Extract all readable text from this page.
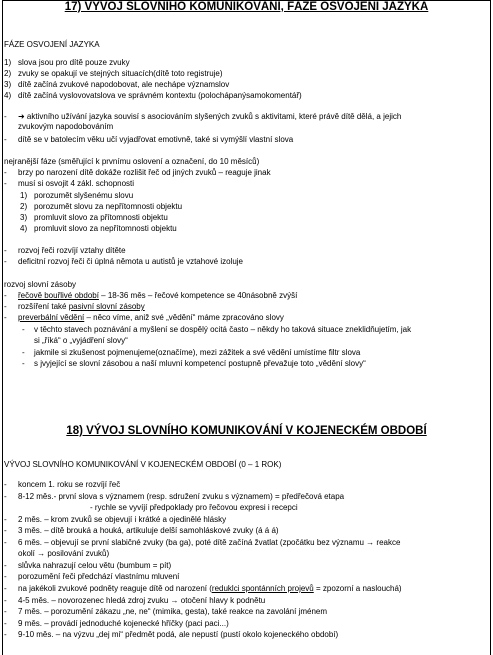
17) VÝVOJ SLOVNÍHO KOMUNIKOVÁNÍ, FÁZE OSVOJENÍ JAZYKA
FÁZE OSVOJENÍ JAZYKA
1) slova jsou pro dítě pouze zvuky
2) zvuky se opakují ve stejných situacích(dítě toto registruje)
3) dítě začíná zvukové napodobovat, ale nechápe významslov
4) dítě začíná vyslovovatslova ve správném kontextu (polochápanýsamokomentář)
- ➜ aktivního užívání jazyka souvisí s asociováním slyšených zvuků s aktivitami, které právě dítě dělá, a jejich
zvukovým napodobováním
- dítě se v batolecím věku učí vyjadřovat emotivně, také si vymýšlí vlastní slova
nejranější fáze (směřující k prvnímu oslovení a označení, do 10 měsíců)
- brzy po narození dítě dokáže rozlišit řeč od jiných zvuků – reaguje jinak
- musí si osvojit 4 zákl. schopnosti
1) porozumět slyšenému slovu
2) porozumět slovu za nepřítomnosti objektu
3) promluvit slovo za přítomnosti objektu
4) promluvit slovo za nepřítomnosti objektu
- rozvoj řeči rozvíjí vztahy dítěte
- deficitní rozvoj řeči či úplná němota u autistů je vztahové izoluje
rozvoj slovní zásoby
- řečově bouřlivé období – 18-36 měs – řečové kompetence se 40násobně zvýší
- rozšíření také pasivní slovní zásoby
- preverbální vědění – něco víme, aniž své „vědění“ máme zpracováno slovy
- v těchto stavech poznávání a myšlení se dospělý ocitá často – někdy ho taková situace zneklidňujetím, jak
si „říká“ o „vyjádření slovy“
- jakmile si zkušenost pojmenujeme(označíme), mezi zážitek a své vědění umístíme filtr slova
- s jvyjející se slovní zásobou a naší mluvní kompetencí postupně převažuje toto „vědění slovy“
18) VÝVOJ SLOVNÍHO KOMUNIKOVÁNÍ V KOJENECKÉM OBDOBÍ
VÝVOJ SLOVNÍHO KOMUNIKOVÁNÍ V KOJENECKÉM OBDOBÍ (0 – 1 ROK)
- koncem 1. roku se rozvíjí řeč
- 8-12 měs.- první slova s významem (resp. sdružení zvuku s významem) = předřečová etapa
- rychle se vyvíjí předpoklady pro řečovou expresi i recepci
- 2 měs. – krom zvuků se objevují i krátké a ojedinělé hlásky
- 3 měs. – dítě brouká a houká, artikuluje delší samohláskové zvuky (á á á)
- 6 měs. – objevují se první slabičné zvuky (ba ga), poté dítě začíná žvatlat (zpočátku bez významu → reakce
okolí → posilování zvuků)
- slůvka nahrazují celou větu (bumbum = pít)
- porozumění řeči předchází vlastnímu mluvení
- na jakékoli zvukové podněty reaguje dítě od narození (reduklci spontánních projevů = zpozorní a naslouchá)
- 4-5 měs. – novorozenec hledá zdroj zvuku → otočení hlavy k podnětu
- 7 měs. – porozumění zákazu „ne, ne“ (mimika, gesta), také reakce na zavolání jménem
- 9 měs. – provádí jednoduché kojenecké hříčky (paci paci...)
- 9-10 měs. – na výzvu „dej mi“ předmět podá, ale nepustí (pustí okolo kojeneckého období)
